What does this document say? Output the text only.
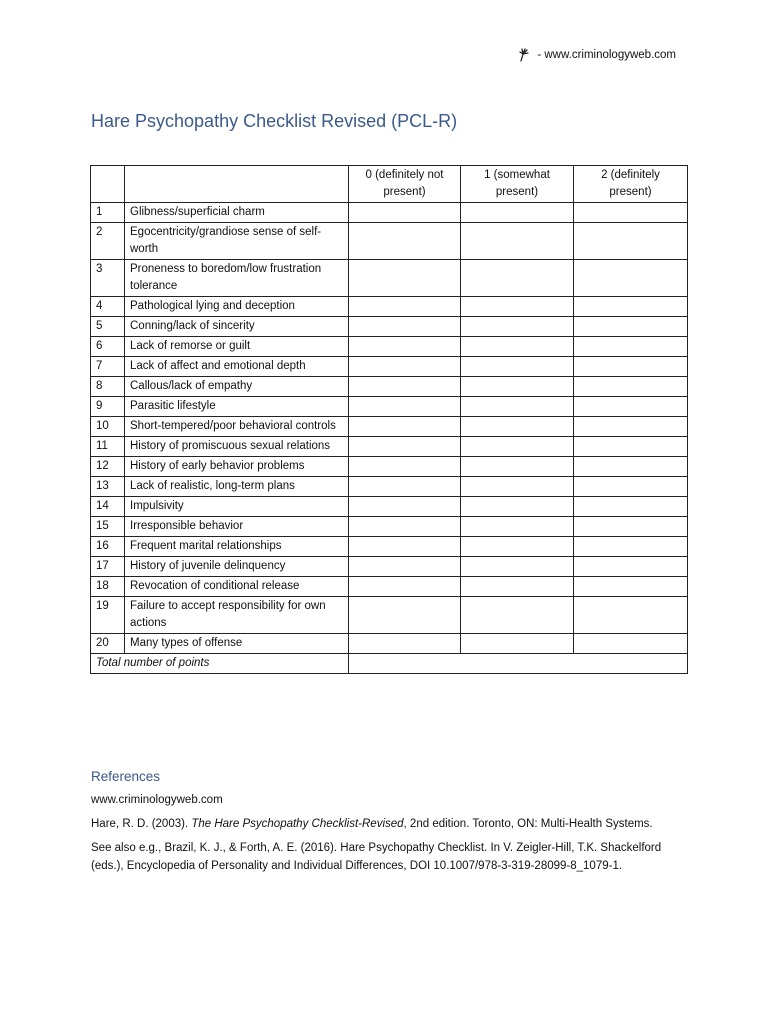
- www.criminologyweb.com
Hare Psychopathy Checklist Revised (PCL-R)
		0 (definitely not present)	1 (somewhat present)	2 (definitely present)
1	Glibness/superficial charm			
2	Egocentricity/grandiose sense of self-worth			
3	Proneness to boredom/low frustration tolerance			
4	Pathological lying and deception			
5	Conning/lack of sincerity			
6	Lack of remorse or guilt			
7	Lack of affect and emotional depth			
8	Callous/lack of empathy			
9	Parasitic lifestyle			
10	Short-tempered/poor behavioral controls			
11	History of promiscuous sexual relations			
12	History of early behavior problems			
13	Lack of realistic, long-term plans			
14	Impulsivity			
15	Irresponsible behavior			
16	Frequent marital relationships			
17	History of juvenile delinquency			
18	Revocation of conditional release			
19	Failure to accept responsibility for own actions			
20	Many types of offense			
Total number of points				
References

www.criminologyweb.com

Hare, R. D. (2003). The Hare Psychopathy Checklist-Revised, 2nd edition. Toronto, ON: Multi-Health Systems.

See also e.g., Brazil, K. J., & Forth, A. E. (2016). Hare Psychopathy Checklist. In V. Zeigler-Hill, T.K. Shackelford (eds.), Encyclopedia of Personality and Individual Differences, DOI 10.1007/978-3-319-28099-8_1079-1.
